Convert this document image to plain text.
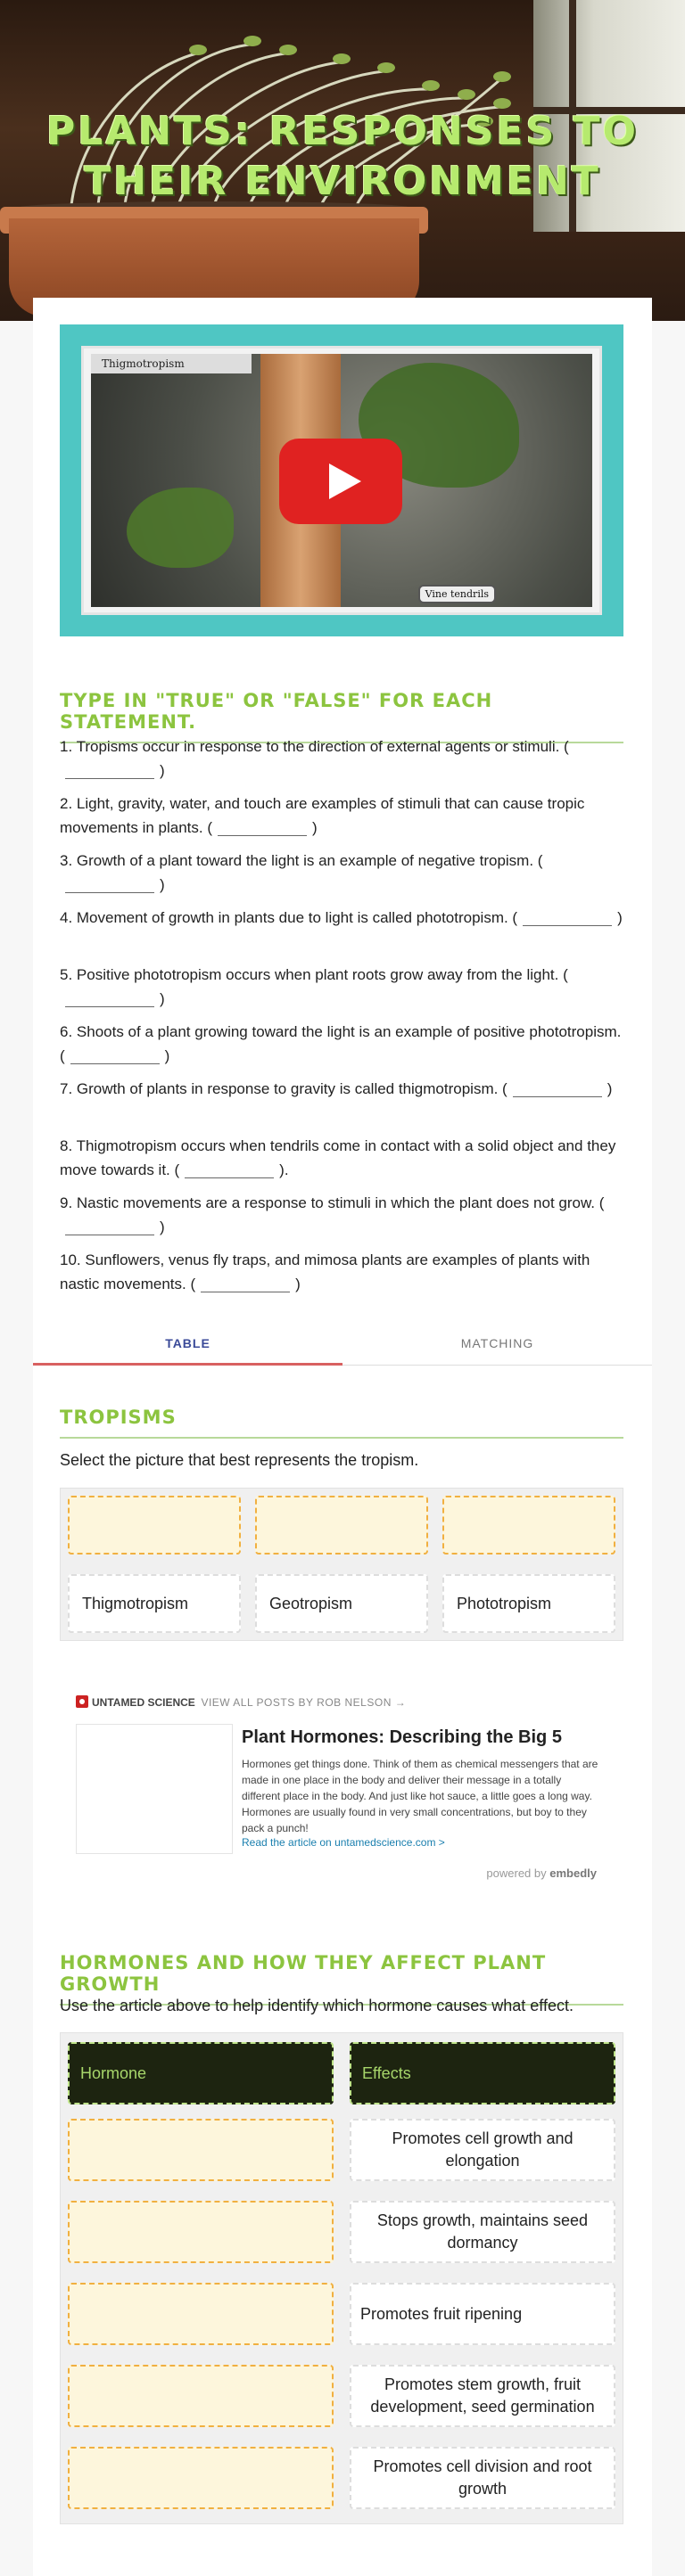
PLANTS: RESPONSES TO
THEIR ENVIRONMENT
Thigmotropism
Vine tendrils
TYPE IN "TRUE" OR "FALSE" FOR EACH STATEMENT.
1. Tropisms occur in response to the direction of external agents or stimuli. ()
2. Light, gravity, water, and touch are examples of stimuli that can cause tropic movements in plants. (	)
3. Growth of a plant toward the light is an example of negative tropism. ()
4. Movement of growth in plants due to light is called phototropism. (	)
5. Positive phototropism occurs when plant roots grow away from the light. ()
6. Shoots of a plant growing toward the light is an example of positive phototropism. (	)
7. Growth of plants in response to gravity is called thigmotropism. (	)
8. Thigmotropism occurs when tendrils come in contact with a solid object and they move towards it. (	).
9. Nastic movements are a response to stimuli in which the plant does not grow. ()
10. Sunflowers, venus fly traps, and mimosa plants are examples of plants with nastic movements. (	)
TABLE	MATCHING
TROPISMS
Select the picture that best represents the tropism.
Thigmotropism	Geotropism	Phototropism
UNTAMED SCIENCE VIEW ALL POSTS BY ROB NELSON →
Plant Hormones: Describing the Big 5
Hormones get things done. Think of them as chemical messengers that are made in one place in the body and deliver their message in a totally different place in the body. And just like hot sauce, a little goes a long way. Hormones are usually found in very small concentrations, but boy to they pack a punch!
Read the article on untamedscience.com >
powered by embedly
HORMONES AND HOW THEY AFFECT PLANT GROWTH
Use the article above to help identify which hormone causes what effect.
Hormone	Effects
Promotes cell growth and elongation
Stops growth, maintains seed dormancy
Promotes fruit ripening
Promotes stem growth, fruit development, seed germination
Promotes cell division and root growth
